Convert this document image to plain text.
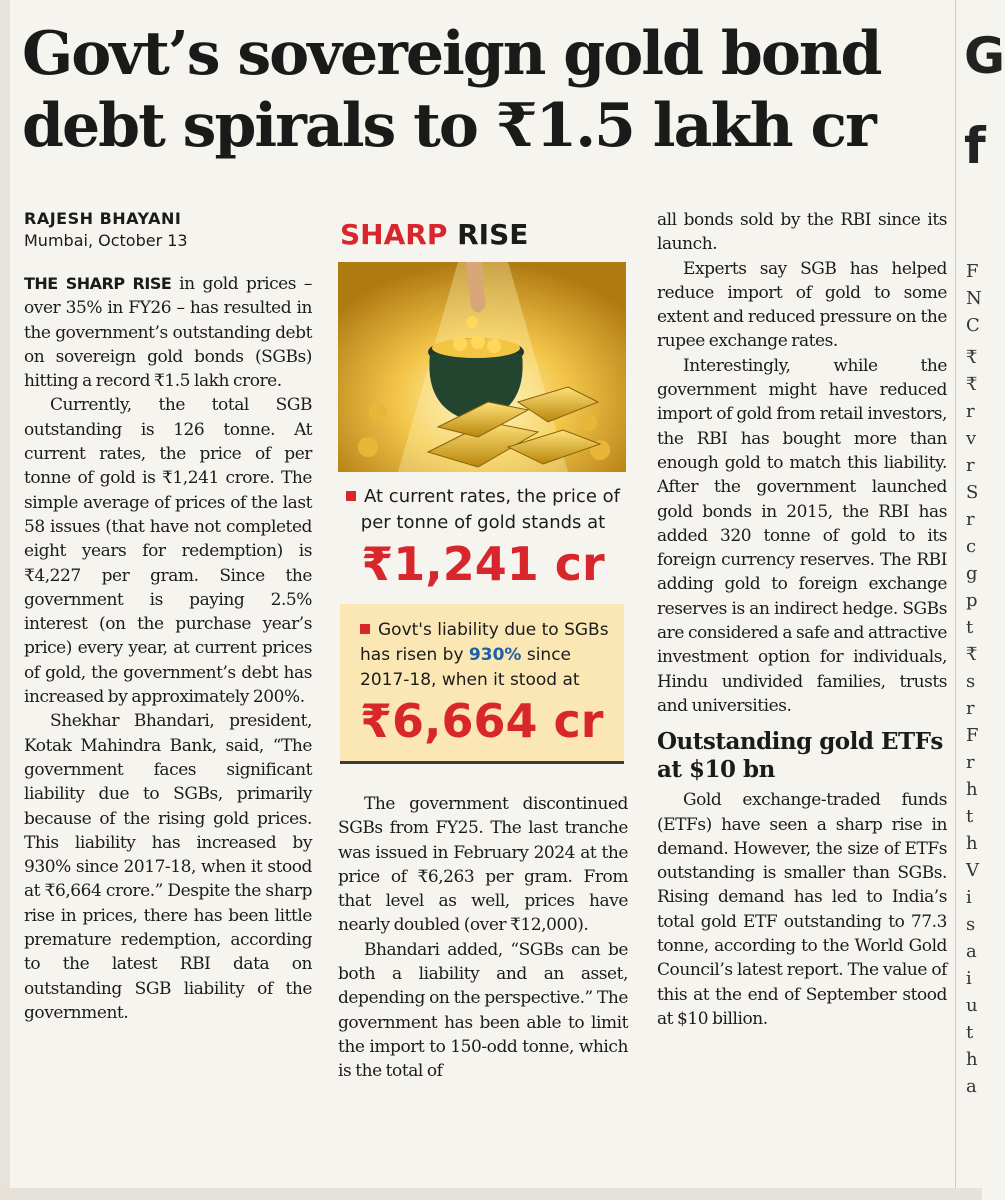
Govt’s sovereign gold bond
debt spirals to ₹1.5 lakh cr
RAJESH BHAYANI
Mumbai, October 13

THE SHARP RISE in gold prices – over 35% in FY26 – has resulted in the government’s outstanding debt on sovereign gold bonds (SGBs) hitting a record ₹1.5 lakh crore.

Currently, the total SGB outstanding is 126 tonne. At current rates, the price of per tonne of gold is ₹1,241 crore. The simple average of prices of the last 58 issues (that have not completed eight years for redemption) is ₹4,227 per gram. Since the government is paying 2.5% interest (on the purchase year’s price) every year, at current prices of gold, the government’s debt has increased by approximately 200%.

Shekhar Bhandari, president, Kotak Mahindra Bank, said, “The government faces significant liability due to SGBs, primarily because of the rising gold prices. This liability has increased by 930% since 2017-18, when it stood at ₹6,664 crore.” Despite the sharp rise in prices, there has been little premature redemption, according to the latest RBI data on outstanding SGB liability of the government.

SHARP RISE
At current rates, the price of per tonne of gold stands at
₹1,241 cr
Govt's liability due to SGBs has risen by 930% since 2017-18, when it stood at
₹6,664 cr

The government discontinued SGBs from FY25. The last tranche was issued in February 2024 at the price of ₹6,263 per gram. From that level as well, prices have nearly doubled (over ₹12,000).

Bhandari added, “SGBs can be both a liability and an asset, depending on the perspective.” The government has been able to limit the import to 150-odd tonne, which is the total of

all bonds sold by the RBI since its launch.

Experts say SGB has helped reduce import of gold to some extent and reduced pressure on the rupee exchange rates.

Interestingly, while the government might have reduced import of gold from retail investors, the RBI has bought more than enough gold to match this liability. After the government launched gold bonds in 2015, the RBI has added 320 tonne of gold to its foreign currency reserves. The RBI adding gold to foreign exchange reserves is an indirect hedge. SGBs are considered a safe and attractive investment option for individuals, Hindu undivided families, trusts and universities.

Outstanding gold ETFs at $10 bn

Gold exchange-traded funds (ETFs) have seen a sharp rise in demand. However, the size of ETFs outstanding is smaller than SGBs. Rising demand has led to India’s total gold ETF outstanding to 77.3 tonne, according to the World Gold Council’s latest report. The value of this at the end of September stood at $10 billion.

G
f
F
N
C
₹
₹
r
v
r
S
r
c
g
p
t
₹
s
r
F
r
h
t
h
V
i
s
a
i
u
t
h
a
